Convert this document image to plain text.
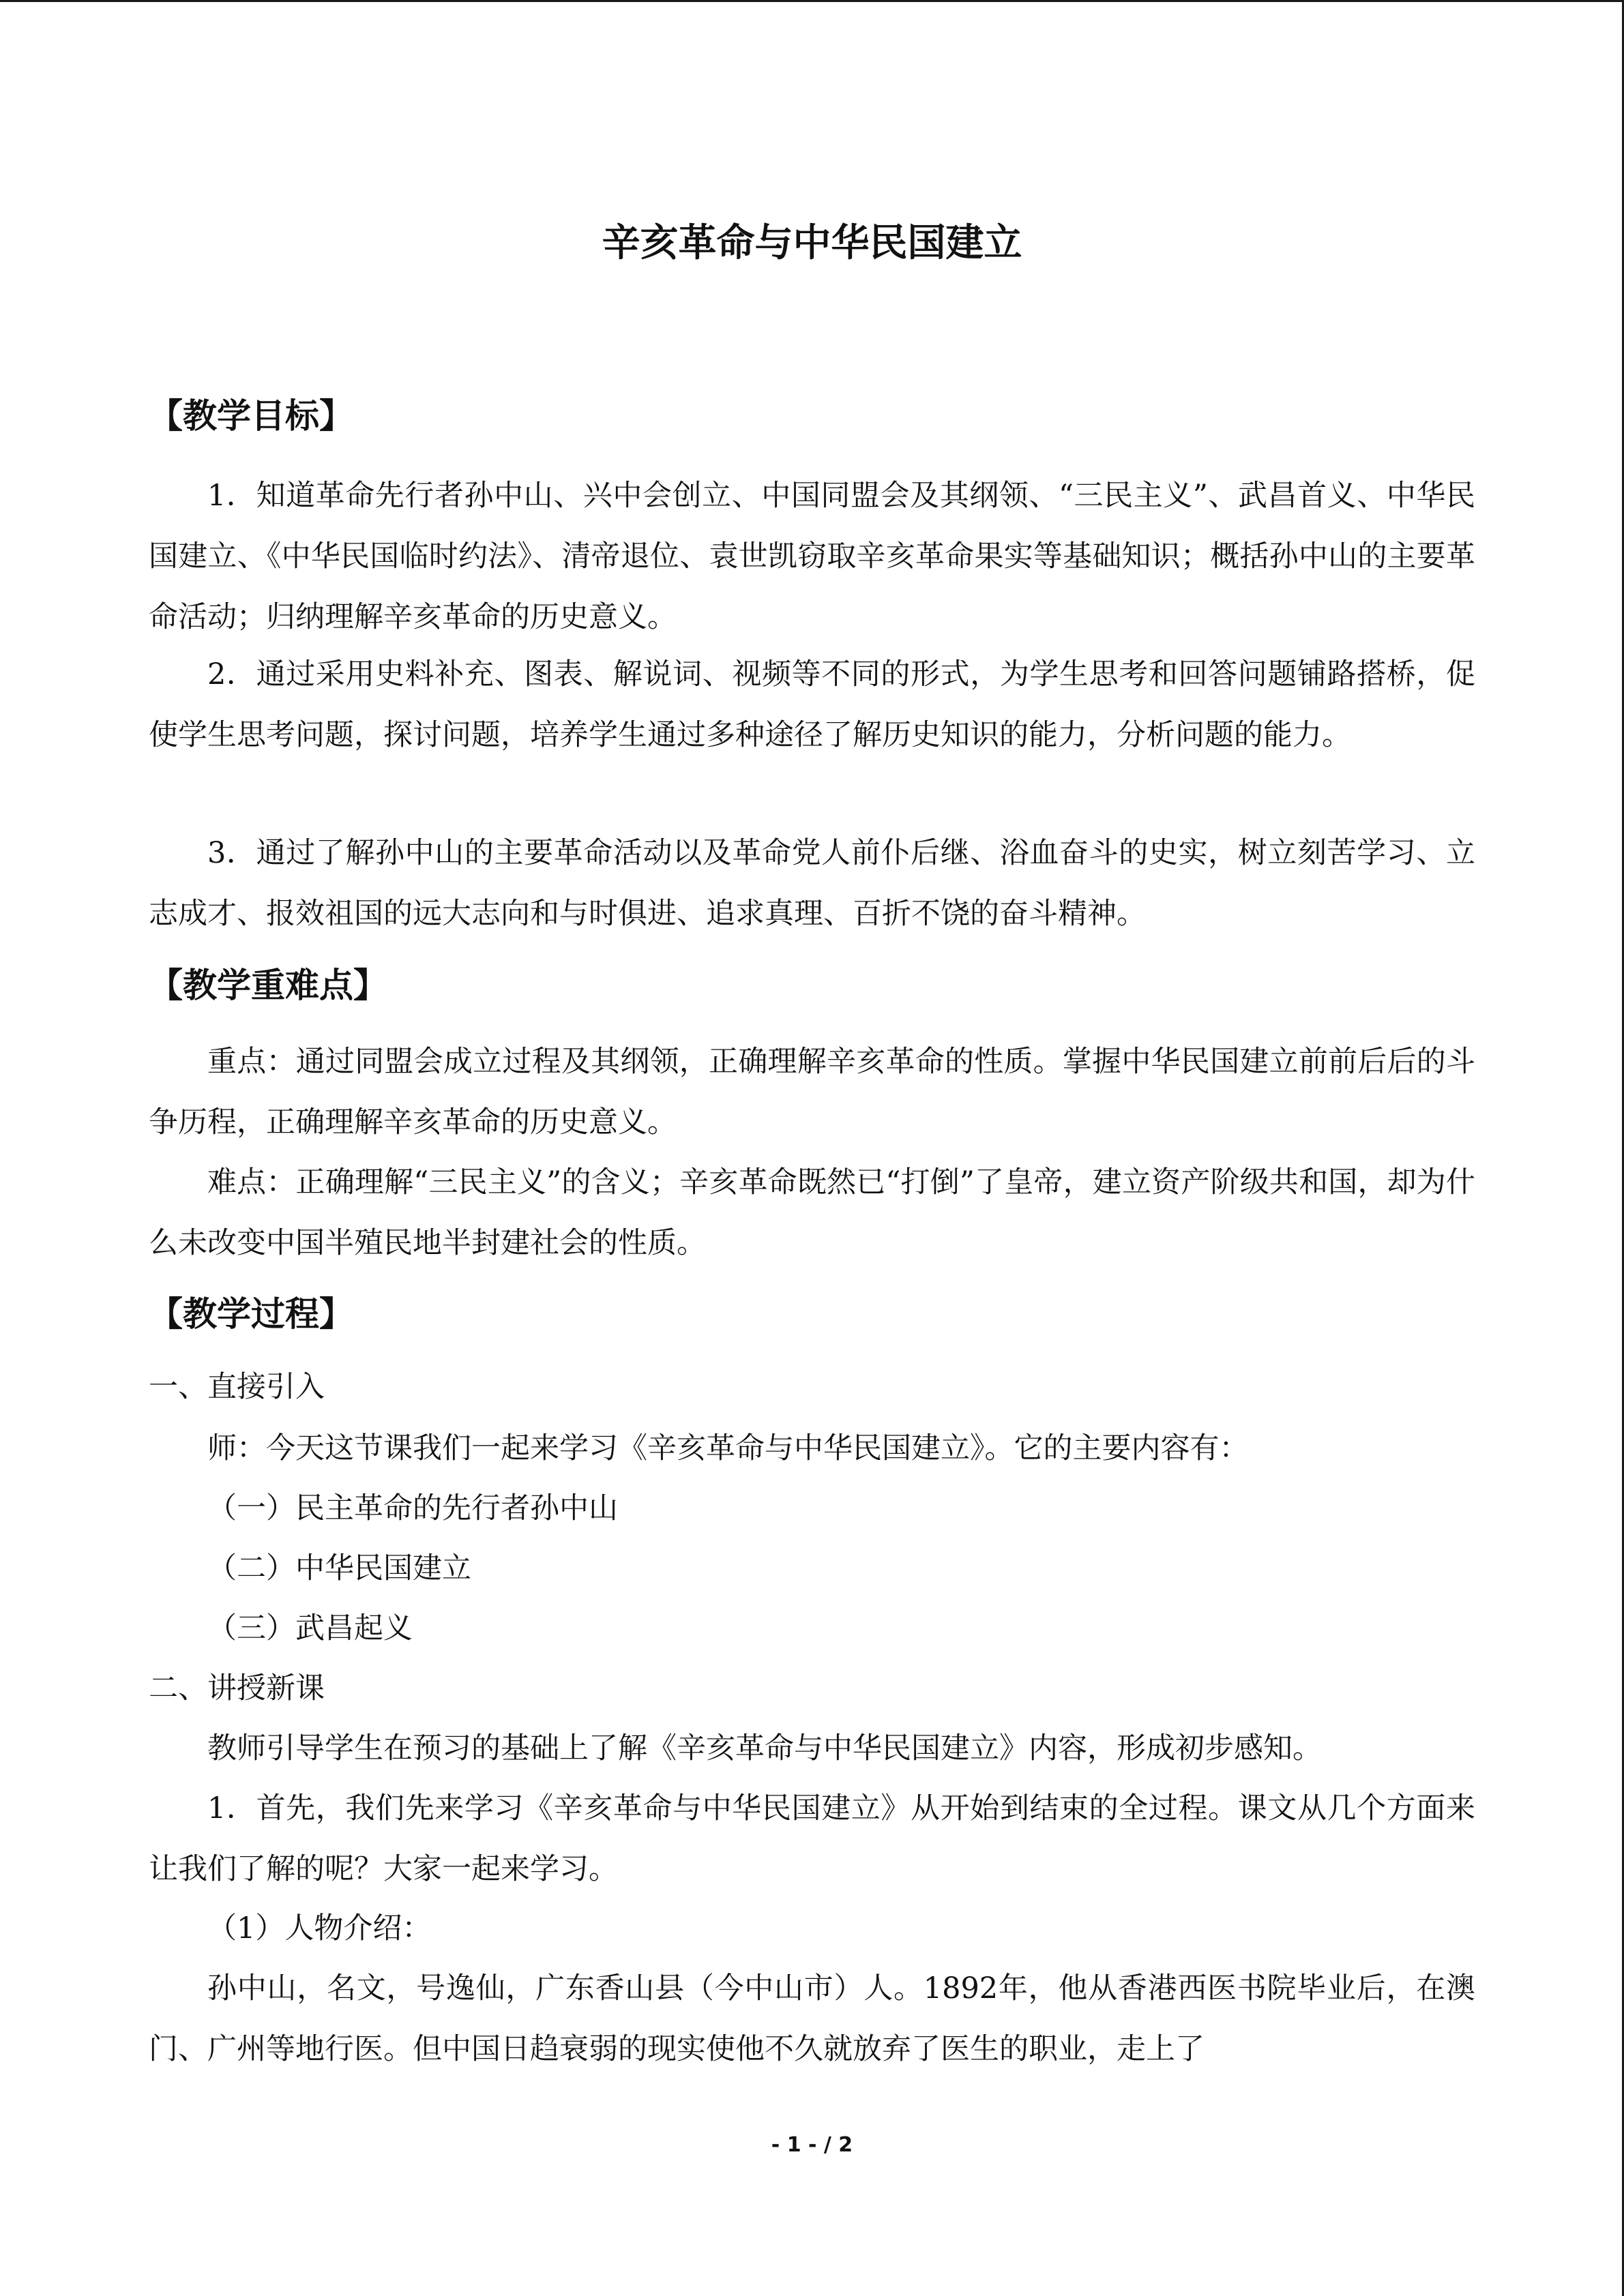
辛亥革命与中华民国建立
【教学目标】

1．知道革命先行者孙中山、兴中会创立、中国同盟会及其纲领、“三民主义”、武昌首义、中华民国建立、《中华民国临时约法》、清帝退位、袁世凯窃取辛亥革命果实等基础知识；概括孙中山的主要革命活动；归纳理解辛亥革命的历史意义。

2．通过采用史料补充、图表、解说词、视频等不同的形式，为学生思考和回答问题铺路搭桥，促使学生思考问题，探讨问题，培养学生通过多种途径了解历史知识的能力，分析问题的能力。

3．通过了解孙中山的主要革命活动以及革命党人前仆后继、浴血奋斗的史实，树立刻苦学习、立志成才、报效祖国的远大志向和与时俱进、追求真理、百折不饶的奋斗精神。

【教学重难点】

重点：通过同盟会成立过程及其纲领，正确理解辛亥革命的性质。掌握中华民国建立前前后后的斗争历程，正确理解辛亥革命的历史意义。

难点：正确理解“三民主义”的含义；辛亥革命既然已“打倒”了皇帝，建立资产阶级共和国，却为什么未改变中国半殖民地半封建社会的性质。

【教学过程】

一、直接引入

师：今天这节课我们一起来学习《辛亥革命与中华民国建立》。它的主要内容有：

（一）民主革命的先行者孙中山

（二）中华民国建立

（三）武昌起义

二、讲授新课

教师引导学生在预习的基础上了解《辛亥革命与中华民国建立》内容，形成初步感知。

1．首先，我们先来学习《辛亥革命与中华民国建立》从开始到结束的全过程。课文从几个方面来让我们了解的呢？大家一起来学习。

（1）人物介绍：

孙中山，名文，号逸仙，广东香山县（今中山市）人。1892年，他从香港西医书院毕业后，在澳门、广州等地行医。但中国日趋衰弱的现实使他不久就放弃了医生的职业，走上了

- 1 - / 2
